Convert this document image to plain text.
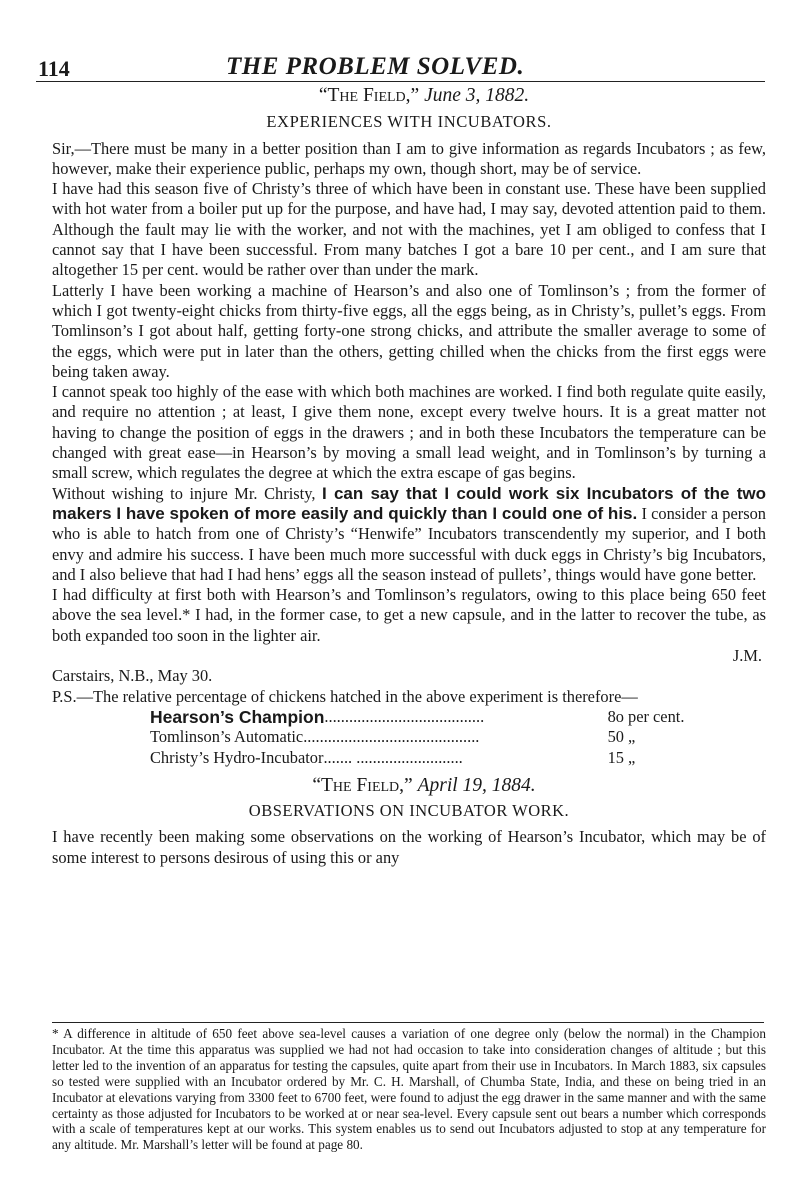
114	THE PROBLEM SOLVED.
“The Field,” June 3, 1882.
EXPERIENCES WITH INCUBATORS.

Sir,—There must be many in a better position than I am to give information as regards Incubators ; as few, however, make their experience public, perhaps my own, though short, may be of service.

I have had this season five of Christy’s three of which have been in constant use. These have been supplied with hot water from a boiler put up for the purpose, and have had, I may say, devoted attention paid to them. Although the fault may lie with the worker, and not with the machines, yet I am obliged to confess that I cannot say that I have been successful. From many batches I got a bare 10 per cent., and I am sure that altogether 15 per cent. would be rather over than under the mark.

Latterly I have been working a machine of Hearson’s and also one of Tomlinson’s ; from the former of which I got twenty-eight chicks from thirty-five eggs, all the eggs being, as in Christy’s, pullet’s eggs. From Tomlinson’s I got about half, getting forty-one strong chicks, and attribute the smaller average to some of the eggs, which were put in later than the others, getting chilled when the chicks from the first eggs were being taken away.

I cannot speak too highly of the ease with which both machines are worked. I find both regulate quite easily, and require no attention ; at least, I give them none, except every twelve hours. It is a great matter not having to change the position of eggs in the drawers ; and in both these Incubators the temperature can be changed with great ease—in Hearson’s by moving a small lead weight, and in Tomlinson’s by turning a small screw, which regulates the degree at which the extra escape of gas begins.

Without wishing to injure Mr. Christy, I can say that I could work six Incubators of the two makers I have spoken of more easily and quickly than I could one of his. I consider a person who is able to hatch from one of Christy’s “Henwife” Incubators transcendently my superior, and I both envy and admire his success. I have been much more successful with duck eggs in Christy’s big Incubators, and I also believe that had I had hens’ eggs all the season instead of pullets’, things would have gone better.

I had difficulty at first both with Hearson’s and Tomlinson’s regulators, owing to this place being 650 feet above the sea level.* I had, in the former case, to get a new capsule, and in the latter to recover the tube, as both expanded too soon in the lighter air.

J.M.

Carstairs, N.B., May 30.

P.S.—The relative percentage of chickens hatched in the above experiment is therefore—

Hearson’s Champion .......................................	8o per cent.
Tomlinson’s Automatic ...........................................	50 „
Christy’s Hydro-Incubator ....... ..........................	15 „
“The Field,” April 19, 1884.
OBSERVATIONS ON INCUBATOR WORK.

I have recently been making some observations on the working of Hearson’s Incubator, which may be of some interest to persons desirous of using this or any

* A difference in altitude of 650 feet above sea-level causes a variation of one degree only (below the normal) in the Champion Incubator. At the time this apparatus was supplied we had not had occasion to take into consideration changes of altitude ; but this letter led to the invention of an apparatus for testing the capsules, quite apart from their use in Incubators. In March 1883, six capsules so tested were supplied with an Incubator ordered by Mr. C. H. Marshall, of Chumba State, India, and these on being tried in an Incubator at elevations varying from 3300 feet to 6700 feet, were found to adjust the egg drawer in the same manner and with the same certainty as those adjusted for Incubators to be worked at or near sea-level. Every capsule sent out bears a number which corresponds with a scale of temperatures kept at our works. This system enables us to send out Incubators adjusted to stop at any temperature for any altitude. Mr. Marshall’s letter will be found at page 80.
